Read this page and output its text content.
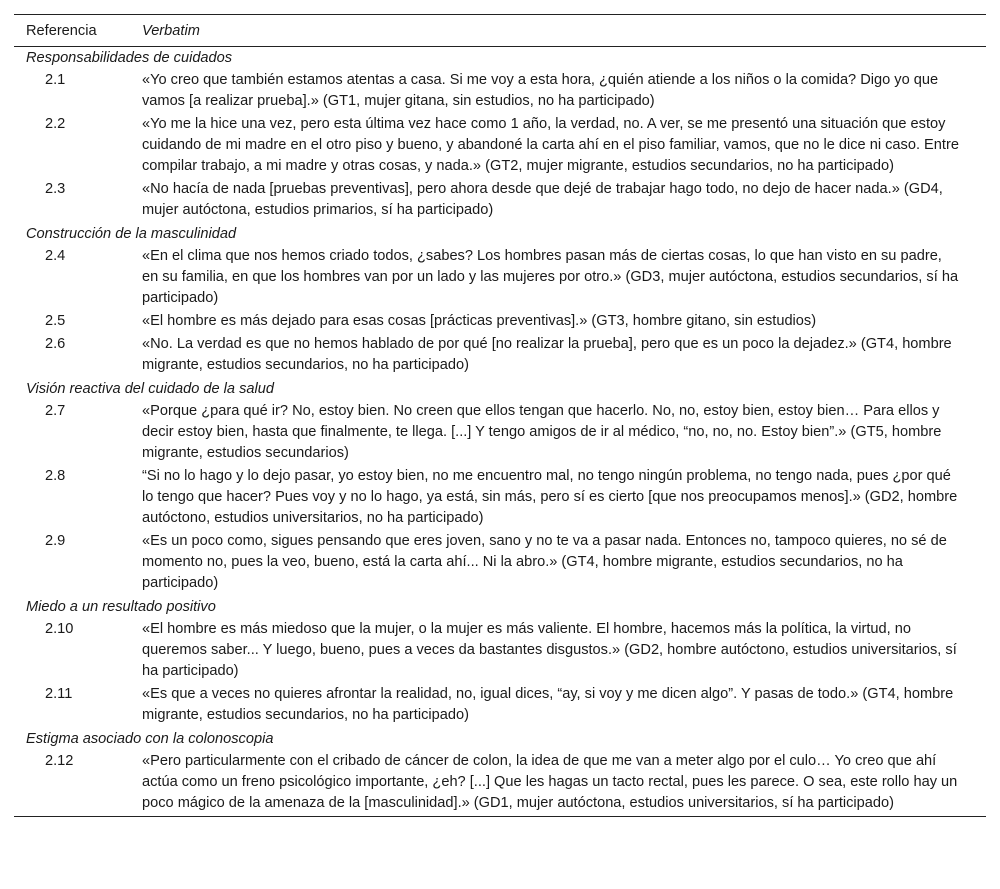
Referencia	Verbatim
Responsabilidades de cuidados	
2.1	«Yo creo que también estamos atentas a casa. Si me voy a esta hora, ¿quién atiende a los niños o la comida? Digo yo que vamos [a realizar prueba].» (GT1, mujer gitana, sin estudios, no ha participado)
2.2	«Yo me la hice una vez, pero esta última vez hace como 1 año, la verdad, no. A ver, se me presentó una situación que estoy cuidando de mi madre en el otro piso y bueno, y abandoné la carta ahí en el piso familiar, vamos, que no le dice ni caso. Entre compilar trabajo, a mi madre y otras cosas, y nada.» (GT2, mujer migrante, estudios secundarios, no ha participado)
2.3	«No hacía de nada [pruebas preventivas], pero ahora desde que dejé de trabajar hago todo, no dejo de hacer nada.» (GD4, mujer autóctona, estudios primarios, sí ha participado)
Construcción de la masculinidad	
2.4	«En el clima que nos hemos criado todos, ¿sabes? Los hombres pasan más de ciertas cosas, lo que han visto en su padre, en su familia, en que los hombres van por un lado y las mujeres por otro.» (GD3, mujer autóctona, estudios secundarios, sí ha participado)
2.5	«El hombre es más dejado para esas cosas [prácticas preventivas].» (GT3, hombre gitano, sin estudios)
2.6	«No. La verdad es que no hemos hablado de por qué [no realizar la prueba], pero que es un poco la dejadez.» (GT4, hombre migrante, estudios secundarios, no ha participado)
Visión reactiva del cuidado de la salud	
2.7	«Porque ¿para qué ir? No, estoy bien. No creen que ellos tengan que hacerlo. No, no, estoy bien, estoy bien… Para ellos y decir estoy bien, hasta que finalmente, te llega. [...] Y tengo amigos de ir al médico, “no, no, no. Estoy bien”.» (GT5, hombre migrante, estudios secundarios)
2.8	“Si no lo hago y lo dejo pasar, yo estoy bien, no me encuentro mal, no tengo ningún problema, no tengo nada, pues ¿por qué lo tengo que hacer? Pues voy y no lo hago, ya está, sin más, pero sí es cierto [que nos preocupamos menos].» (GD2, hombre autóctono, estudios universitarios, no ha participado)
2.9	«Es un poco como, sigues pensando que eres joven, sano y no te va a pasar nada. Entonces no, tampoco quieres, no sé de momento no, pues la veo, bueno, está la carta ahí... Ni la abro.» (GT4, hombre migrante, estudios secundarios, no ha participado)
Miedo a un resultado positivo	
2.10	«El hombre es más miedoso que la mujer, o la mujer es más valiente. El hombre, hacemos más la política, la virtud, no queremos saber... Y luego, bueno, pues a veces da bastantes disgustos.» (GD2, hombre autóctono, estudios universitarios, sí ha participado)
2.11	«Es que a veces no quieres afrontar la realidad, no, igual dices, “ay, si voy y me dicen algo”. Y pasas de todo.» (GT4, hombre migrante, estudios secundarios, no ha participado)
Estigma asociado con la colonoscopia	
2.12	«Pero particularmente con el cribado de cáncer de colon, la idea de que me van a meter algo por el culo… Yo creo que ahí actúa como un freno psicológico importante, ¿eh? [...] Que les hagas un tacto rectal, pues les parece. O sea, este rollo hay un poco mágico de la amenaza de la [masculinidad].» (GD1, mujer autóctona, estudios universitarios, sí ha participado)
